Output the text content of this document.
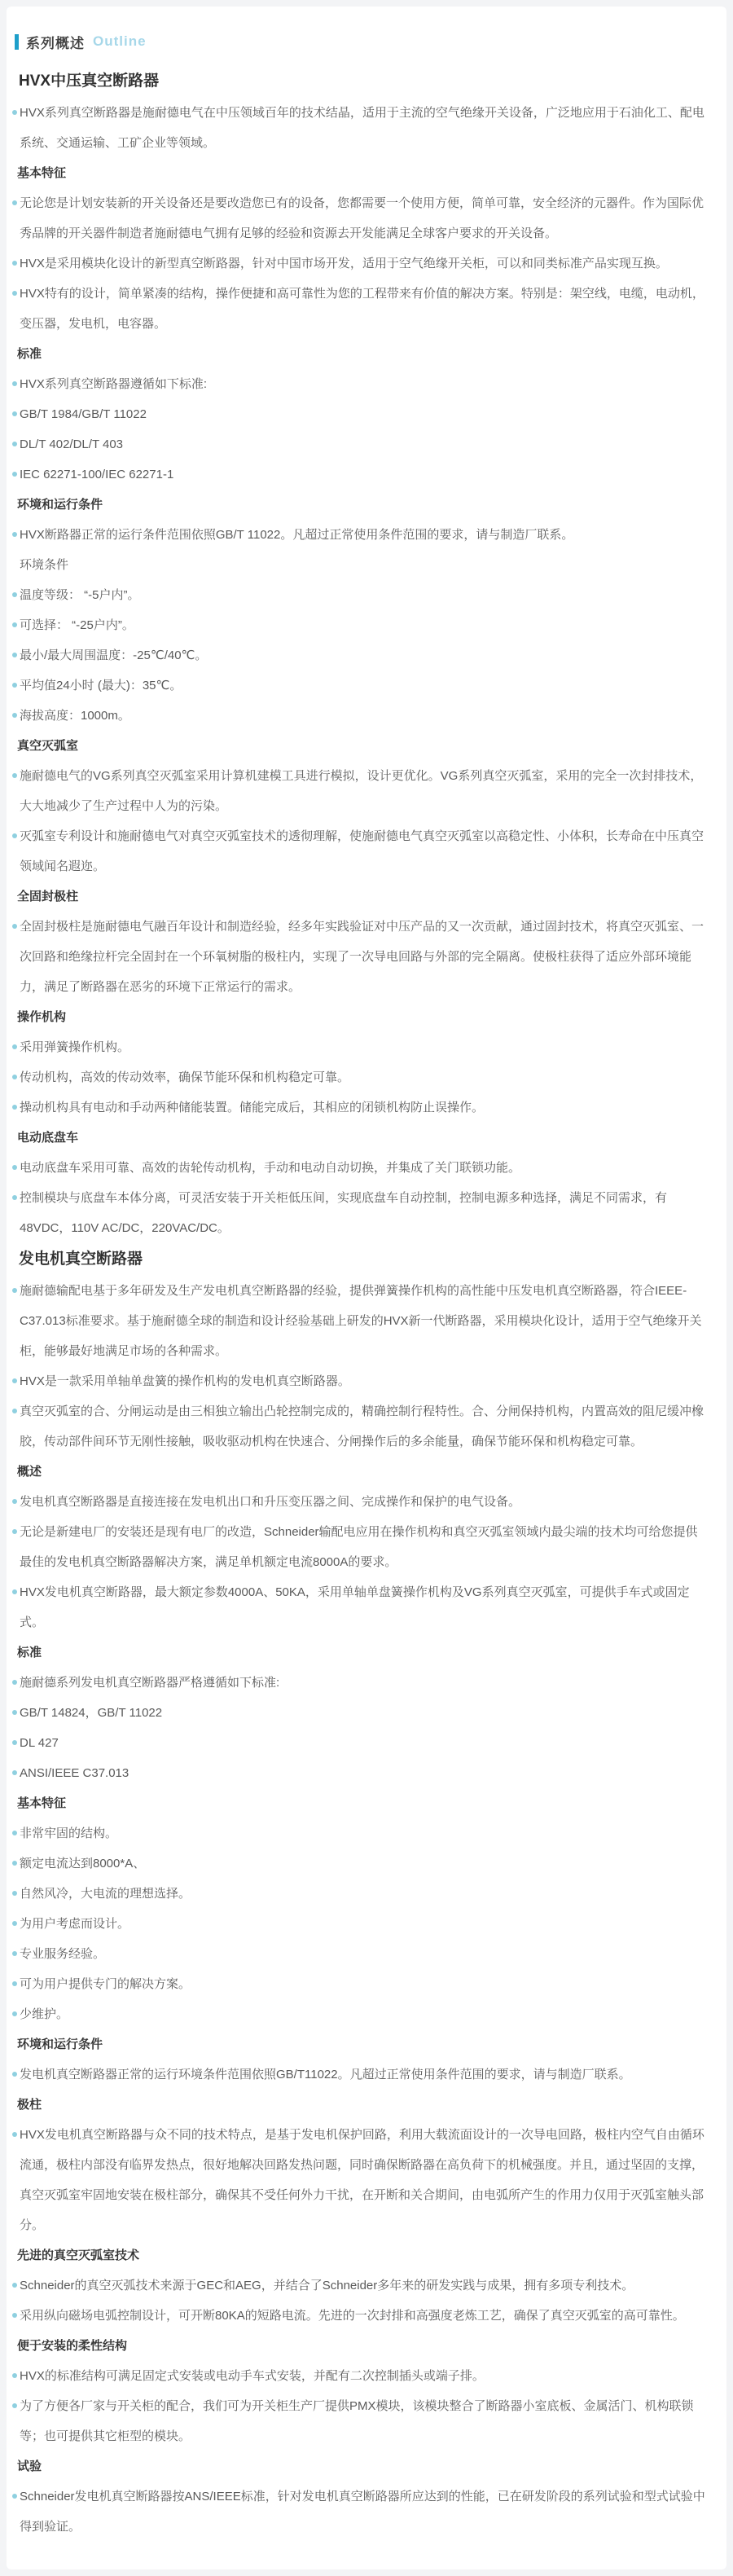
系列概述 Outline
HVX中压真空断路器
HVX系列真空断路器是施耐德电气在中压领域百年的技术结晶，适用于主流的空气绝缘开关设备，广泛地应用于石油化工、配电系统、交通运输、工矿企业等领域。
基本特征
无论您是计划安装新的开关设备还是要改造您已有的设备，您都需要一个使用方便，简单可靠，安全经济的元器件。作为国际优秀品牌的开关器件制造者施耐德电气拥有足够的经验和资源去开发能满足全球客户要求的开关设备。
HVX是采用模块化设计的新型真空断路器，针对中国市场开发，适用于空气绝缘开关柜，可以和同类标准产品实现互换。
HVX特有的设计，简单紧凑的结构，操作便捷和高可靠性为您的工程带来有价值的解决方案。特别是：架空线，电缆，电动机，变压器，发电机，电容器。
标准
HVX系列真空断路器遵循如下标准:
GB/T 1984/GB/T 11022
DL/T 402/DL/T 403
IEC 62271-100/IEC 62271-1
环境和运行条件
HVX断路器正常的运行条件范围依照GB/T 11022。凡超过正常使用条件范围的要求，请与制造厂联系。
环境条件
温度等级： “-5户内”。
可选择： “-25户内”。
最小/最大周围温度：-25℃/40℃。
平均值24小时 (最大)：35℃。
海拔高度：1000m。
真空灭弧室
施耐德电气的VG系列真空灭弧室采用计算机建模工具进行模拟，设计更优化。VG系列真空灭弧室，采用的完全一次封排技术，大大地减少了生产过程中人为的污染。
灭弧室专利设计和施耐德电气对真空灭弧室技术的透彻理解，使施耐德电气真空灭弧室以高稳定性、小体积，长寿命在中压真空领域闻名遐迩。
全固封极柱
全固封极柱是施耐德电气融百年设计和制造经验，经多年实践验证对中压产品的又一次贡献，通过固封技术，将真空灭弧室、一次回路和绝缘拉杆完全固封在一个环氧树脂的极柱内，实现了一次导电回路与外部的完全隔离。使极柱获得了适应外部环境能力，满足了断路器在恶劣的环境下正常运行的需求。
操作机构
采用弹簧操作机构。
传动机构，高效的传动效率，确保节能环保和机构稳定可靠。
操动机构具有电动和手动两种储能装置。储能完成后，其相应的闭锁机构防止误操作。
电动底盘车
电动底盘车采用可靠、高效的齿轮传动机构，手动和电动自动切换，并集成了关门联锁功能。
控制模块与底盘车本体分离，可灵活安装于开关柜低压间，实现底盘车自动控制，控制电源多种选择，满足不同需求，有48VDC，110V AC/DC，220VAC/DC。
发电机真空断路器
施耐德输配电基于多年研发及生产发电机真空断路器的经验，提供弹簧操作机构的高性能中压发电机真空断路器，符合IEEE-C37.013标准要求。基于施耐德全球的制造和设计经验基础上研发的HVX新一代断路器，采用模块化设计，适用于空气绝缘开关柜，能够最好地满足市场的各种需求。
HVX是一款采用单轴单盘簧的操作机构的发电机真空断路器。
真空灭弧室的合、分闸运动是由三相独立输出凸轮控制完成的，精确控制行程特性。合、分闸保持机构，内置高效的阻尼缓冲橡胶，传动部件间环节无刚性接触，吸收驱动机构在快速合、分闸操作后的多余能量，确保节能环保和机构稳定可靠。
概述
发电机真空断路器是直接连接在发电机出口和升压变压器之间、完成操作和保护的电气设备。
无论是新建电厂的安装还是现有电厂的改造，Schneider输配电应用在操作机构和真空灭弧室领域内最尖端的技术均可给您提供最佳的发电机真空断路器解决方案，满足单机额定电流8000A的要求。
HVX发电机真空断路器，最大额定参数4000A、50KA，采用单轴单盘簧操作机构及VG系列真空灭弧室，可提供手车式或固定式。
标准
施耐德系列发电机真空断路器严格遵循如下标准:
GB/T 14824，GB/T 11022
DL 427
ANSI/IEEE C37.013
基本特征
非常牢固的结构。
额定电流达到8000*A、
自然风冷，大电流的理想选择。
为用户考虑而设计。
专业服务经验。
可为用户提供专门的解决方案。
少维护。
环境和运行条件
发电机真空断路器正常的运行环境条件范围依照GB/T11022。凡超过正常使用条件范围的要求，请与制造厂联系。
极柱
HVX发电机真空断路器与众不同的技术特点，是基于发电机保护回路，利用大载流面设计的一次导电回路，极柱内空气自由循环流通，极柱内部没有临界发热点，很好地解决回路发热问题，同时确保断路器在高负荷下的机械强度。并且，通过坚固的支撑，真空灭弧室牢固地安装在极柱部分，确保其不受任何外力干扰，在开断和关合期间，由电弧所产生的作用力仅用于灭弧室触头部分。
先进的真空灭弧室技术
Schneider的真空灭弧技术来源于GEC和AEG，并结合了Schneider多年来的研发实践与成果，拥有多项专利技术。
采用纵向磁场电弧控制设计，可开断80KA的短路电流。先进的一次封排和高强度老炼工艺，确保了真空灭弧室的高可靠性。
便于安装的柔性结构
HVX的标准结构可满足固定式安装或电动手车式安装，并配有二次控制插头或端子排。
为了方便各厂家与开关柜的配合，我们可为开关柜生产厂提供PMX模块，该模块整合了断路器小室底板、金属活门、机构联锁等；也可提供其它柜型的模块。
试验
Schneider发电机真空断路器按ANS/IEEE标准，针对发电机真空断路器所应达到的性能，已在研发阶段的系列试验和型式试验中得到验证。
